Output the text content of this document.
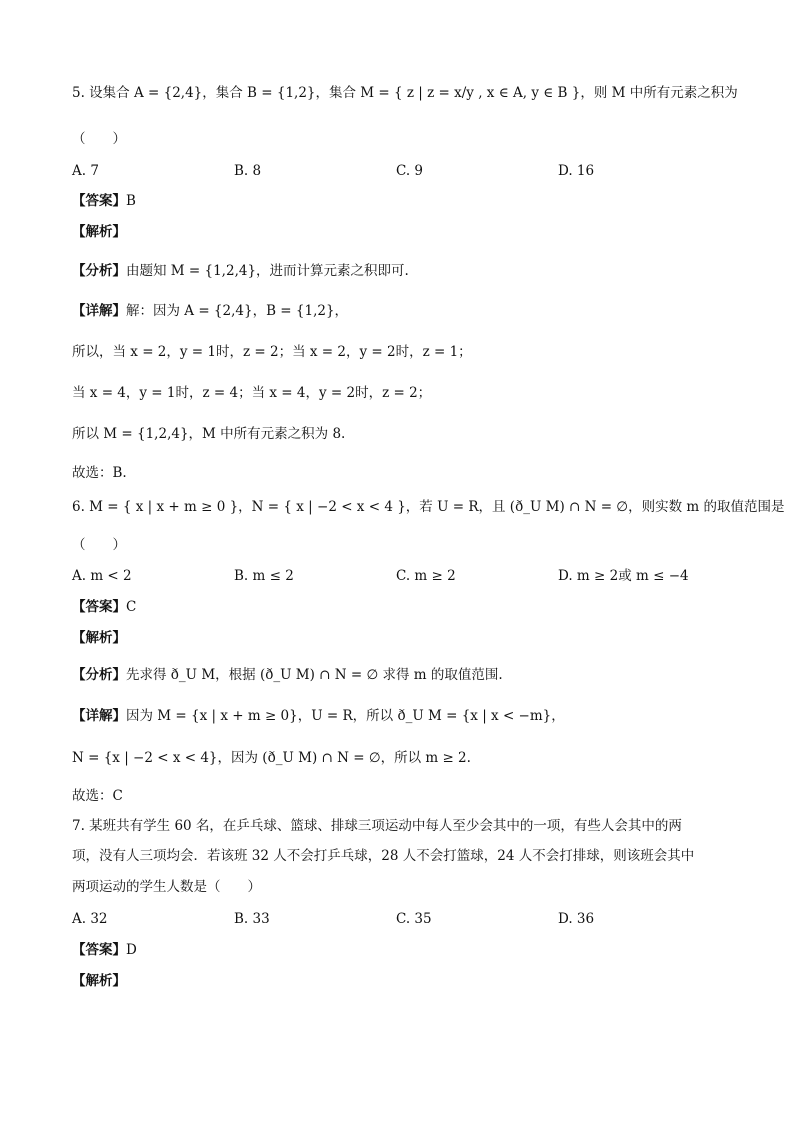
5. 设集合 A = {2,4}，集合 B = {1,2}，集合 M = { z | z = x/y , x ∈ A, y ∈ B }，则 M 中所有元素之积为
（　　）
A. 7	B. 8	C. 9	D. 16
【答案】B
【解析】
【分析】由题知 M = {1,2,4}，进而计算元素之积即可.
【详解】解：因为 A = {2,4}，B = {1,2}，
所以，当 x = 2，y = 1时，z = 2；当 x = 2，y = 2时，z = 1；
当 x = 4，y = 1时，z = 4；当 x = 4，y = 2时，z = 2；
所以 M = {1,2,4}，M 中所有元素之积为 8.
故选：B.
6. M = { x | x + m ≥ 0 }，N = { x | −2 < x < 4 }，若 U = R，且 (ð_U M) ∩ N = ∅，则实数 m 的取值范围是
（　　）
A. m < 2	B. m ≤ 2	C. m ≥ 2	D. m ≥ 2或 m ≤ −4
【答案】C
【解析】
【分析】先求得 ð_U M，根据 (ð_U M) ∩ N = ∅ 求得 m 的取值范围.
【详解】因为 M = {x | x + m ≥ 0}，U = R，所以 ð_U M = {x | x < −m}，
N = {x | −2 < x < 4}，因为 (ð_U M) ∩ N = ∅，所以 m ≥ 2.
故选：C
7. 某班共有学生 60 名，在乒乓球、篮球、排球三项运动中每人至少会其中的一项，有些人会其中的两
项，没有人三项均会．若该班 32 人不会打乒乓球，28 人不会打篮球，24 人不会打排球，则该班会其中
两项运动的学生人数是（　　）
A. 32	B. 33	C. 35	D. 36
【答案】D
【解析】
